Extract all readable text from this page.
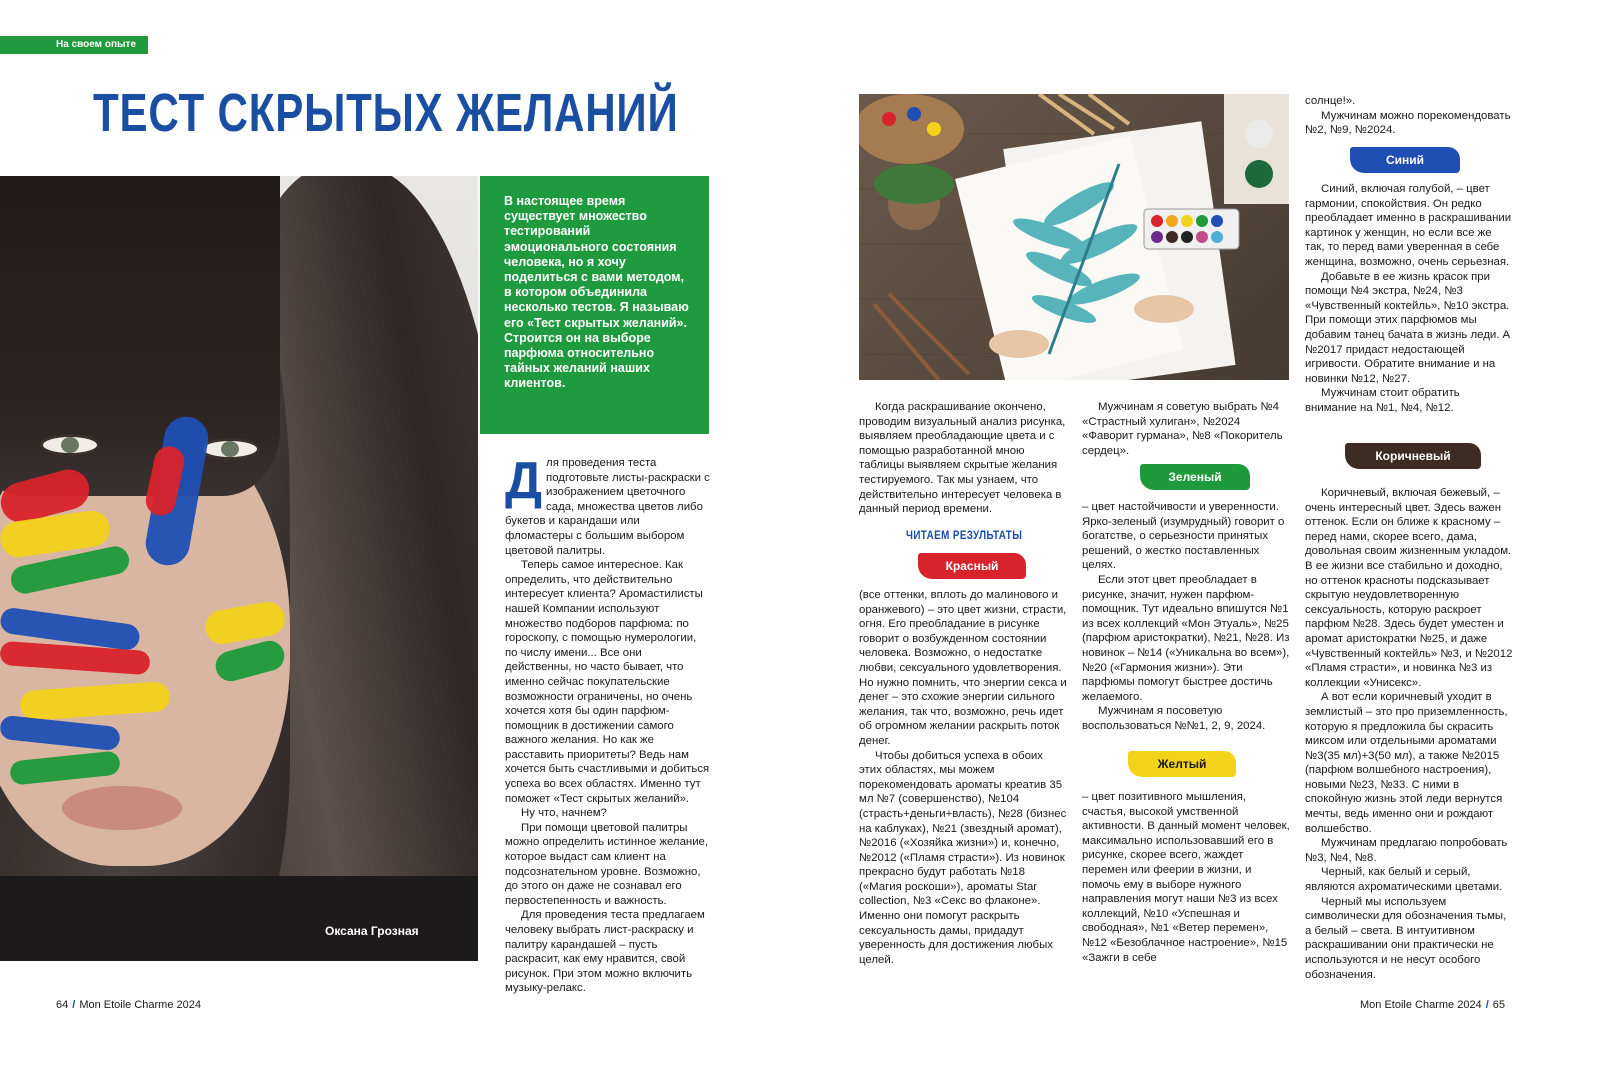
На своем опыте
ТЕСТ СКРЫТЫХ ЖЕЛАНИЙ
Оксана Грозная
В настоящее время существует множество тестирований эмоционального состояния человека, но я хочу поделиться с вами методом, в котором объединила несколько тестов. Я называю его «Тест скрытых желаний». Строится он на выборе парфюма относительно тайных желаний наших клиентов.
Д ля проведения теста подготовьте листы-раскраски с изображением цветочного сада, множества цветов либо букетов и карандаши или фломастеры с большим выбором цветовой палитры.

Теперь самое интересное. Как определить, что действительно интересует клиента? Аромастилисты нашей Компании используют множество подборов парфюма: по гороскопу, с помощью нумерологии, по числу имени... Все они действенны, но часто бывает, что именно сейчас покупательские возможности ограничены, но очень хочется хотя бы один парфюм-помощник в достижении самого важного желания. Но как же расставить приоритеты? Ведь нам хочется быть счастливыми и добиться успеха во всех областях. Именно тут поможет «Тест скрытых желаний».

Ну что, начнем?

При помощи цветовой палитры можно определить истинное желание, которое выдаст сам клиент на подсознательном уровне. Возможно, до этого он даже не сознавал его первостепенность и важность.

Для проведения теста предлагаем человеку выбрать лист-раскраску и палитру карандашей – пусть раскрасит, как ему нравится, свой рисунок. При этом можно включить музыку-релакс.

Когда раскрашивание окончено, проводим визуальный анализ рисунка, выявляем преобладающие цвета и с помощью разработанной мною таблицы выявляем скрытые желания тестируемого. Так мы узнаем, что действительно интересует человека в данный период времени.

ЧИТАЕМ РЕЗУЛЬТАТЫ
Красный

(все оттенки, вплоть до малинового и оранжевого) – это цвет жизни, страсти, огня. Его преобладание в рисунке говорит о возбужденном состоянии человека. Возможно, о недостатке любви, сексуального удовлетворения. Но нужно помнить, что энергии секса и денег – это схожие энергии сильного желания, так что, возможно, речь идет об огромном желании раскрыть поток денег.

Чтобы добиться успеха в обоих этих областях, мы можем порекомендовать ароматы креатив 35 мл №7 (совершенство), №104 (страсть+деньги+власть), №28 (бизнес на каблуках), №21 (звездный аромат), №2016 («Хозяйка жизни») и, конечно, №2012 («Пламя страсти»). Из новинок прекрасно будут работать №18 («Магия роскоши»), ароматы Star collection, №3 «Секс во флаконе». Именно они помогут раскрыть сексуальность дамы, придадут уверенность для достижения любых целей.

Мужчинам я советую выбрать №4 «Страстный хулиган», №2024 «Фаворит гурмана», №8 «Покоритель сердец».

Зеленый

– цвет настойчивости и уверенности. Ярко-зеленый (изумрудный) говорит о богатстве, о серьезности принятых решений, о жестко поставленных целях.

Если этот цвет преобладает в рисунке, значит, нужен парфюм-помощник. Тут идеально впишутся №1 из всех коллекций «Мон Этуаль», №25 (парфюм аристократки), №21, №28. Из новинок – №14 («Уникальна во всем»), №20 («Гармония жизни»). Эти парфюмы помогут быстрее достичь желаемого.

Мужчинам я посоветую воспользоваться №№1, 2, 9, 2024.

Желтый

– цвет позитивного мышления, счастья, высокой умственной активности. В данный момент человек, максимально использовавший его в рисунке, скорее всего, жаждет перемен или феерии в жизни, и помочь ему в выборе нужного направления могут наши №3 из всех коллекций, №10 «Успешная и свободная», №1 «Ветер перемен», №12 «Безоблачное настроение», №15 «Зажги в себе

солнце!».

Мужчинам можно порекомендовать №2, №9, №2024.

Синий

Синий, включая голубой, – цвет гармонии, спокойствия. Он редко преобладает именно в раскрашивании картинок у женщин, но если все же так, то перед вами уверенная в себе женщина, возможно, очень серьезная.

Добавьте в ее жизнь красок при помощи №4 экстра, №24, №3 «Чувственный коктейль», №10 экстра. При помощи этих парфюмов мы добавим танец бачата в жизнь леди. А №2017 придаст недостающей игривости. Обратите внимание и на новинки №12, №27.

Мужчинам стоит обратить внимание на №1, №4, №12.

Коричневый

Коричневый, включая бежевый, – очень интересный цвет. Здесь важен оттенок. Если он ближе к красному – перед нами, скорее всего, дама, довольная своим жизненным укладом. В ее жизни все стабильно и доходно, но оттенок красноты подсказывает скрытую неудовлетворенную сексуальность, которую раскроет парфюм №28. Здесь будет уместен и аромат аристократки №25, и даже «Чувственный коктейль» №3, и №2012 «Пламя страсти», и новинка №3 из коллекции «Унисекс».

А вот если коричневый уходит в землистый – это про приземленность, которую я предложила бы скрасить миксом или отдельными ароматами №3(35 мл)+3(50 мл), а также №2015 (парфюм волшебного настроения), новыми №23, №33. С ними в спокойную жизнь этой леди вернутся мечты, ведь именно они и рождают волшебство.

Мужчинам предлагаю попробовать №3, №4, №8.

Черный, как белый и серый, являются ахроматическими цветами.

Черный мы используем символически для обозначения тьмы, а белый – света. В интуитивном раскрашивании они практически не используются и не несут особого обозначения.

64 / Mon Etoile Charme 2024	Mon Etoile Charme 2024 / 65
